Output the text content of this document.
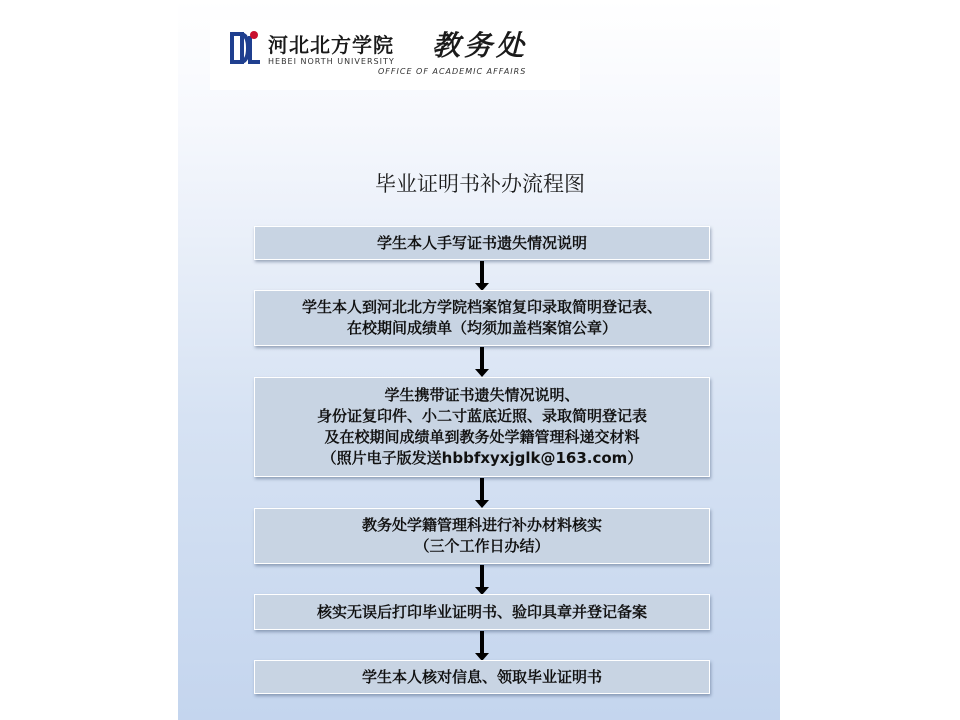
河北北方学院
HEBEI NORTH UNIVERSITY 教务处
OFFICE OF ACADEMIC AFFAIRS
毕业证明书补办流程图
学生本人手写证书遗失情况说明
学生本人到河北北方学院档案馆复印录取简明登记表、
在校期间成绩单（均须加盖档案馆公章）
学生携带证书遗失情况说明、
身份证复印件、小二寸蓝底近照、录取简明登记表
及在校期间成绩单到教务处学籍管理科递交材料
（照片电子版发送hbbfxyxjglk@163.com）
教务处学籍管理科进行补办材料核实
（三个工作日办结）
核实无误后打印毕业证明书、验印具章并登记备案
学生本人核对信息、领取毕业证明书
